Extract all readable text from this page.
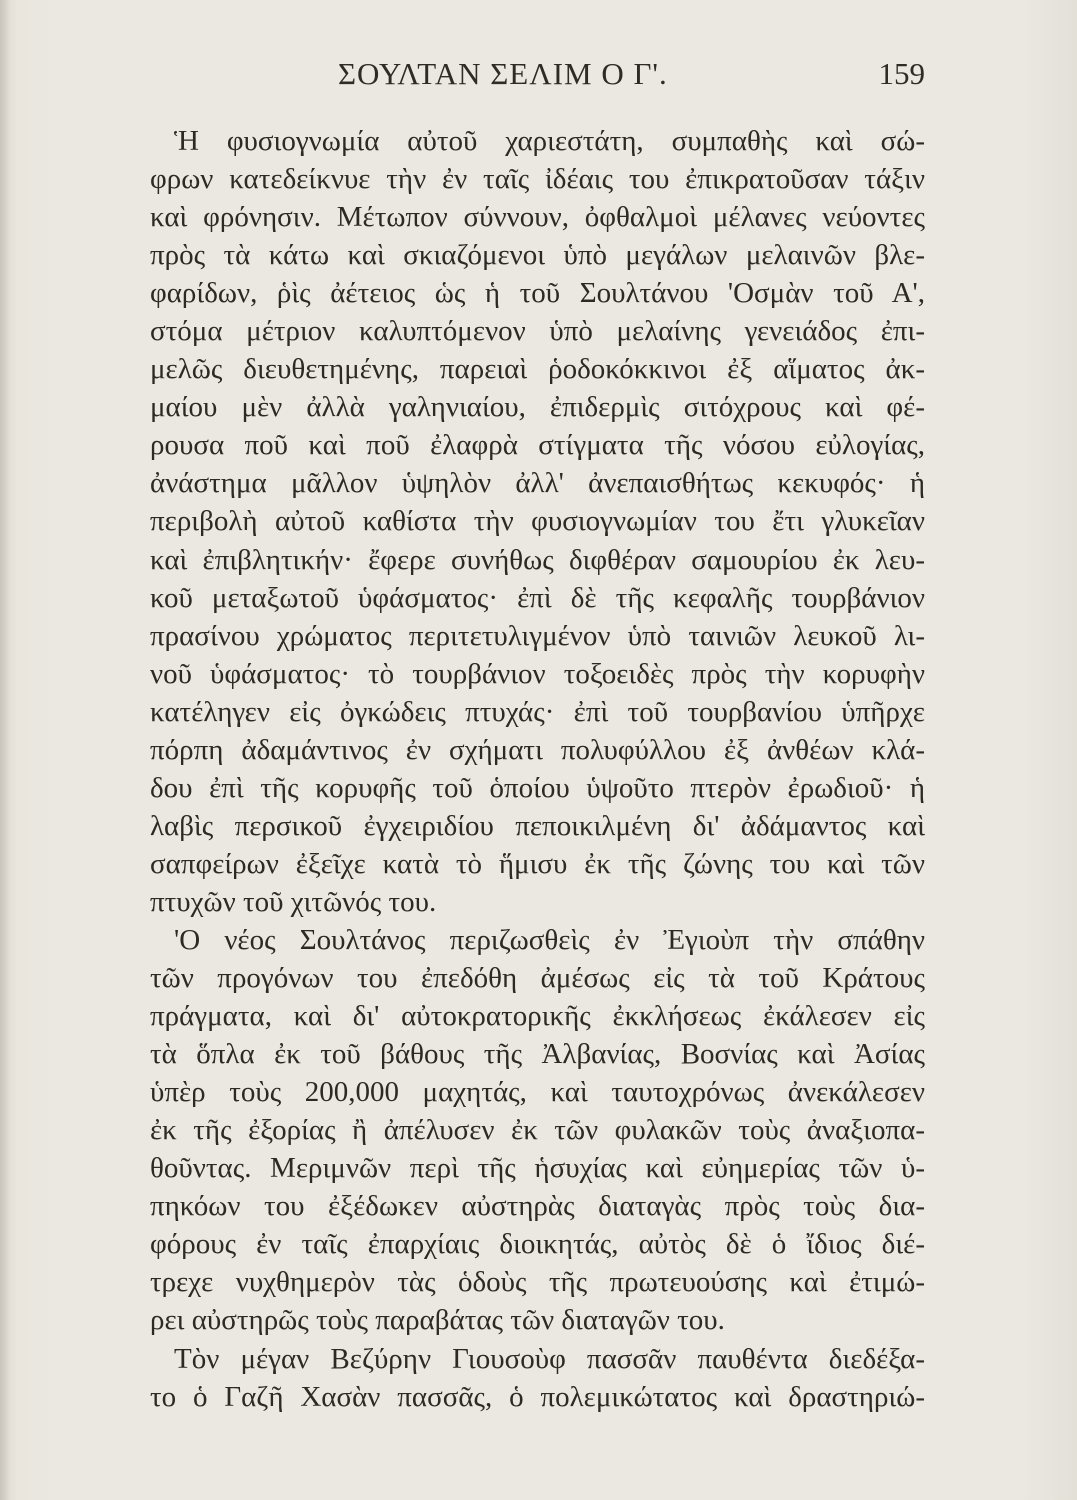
ΣΟΥΛΤΑΝ ΣΕΛΙΜ Ο Γ'.	159
Ἡ φυσιογνωμία αὐτοῦ χαριεστάτη, συμπαθὴς καὶ σώ-
φρων κατεδείκνυε τὴν ἐν ταῖς ἰδέαις του ἐπικρατοῦσαν τάξιν
καὶ φρόνησιν. Μέτωπον σύννουν, ὀφθαλμοὶ μέλανες νεύοντες
πρὸς τὰ κάτω καὶ σκιαζόμενοι ὑπὸ μεγάλων μελαινῶν βλε-
φαρίδων, ῥὶς ἀέτειος ὡς ἡ τοῦ Σουλτάνου 'Οσμὰν τοῦ Α',
στόμα μέτριον καλυπτόμενον ὑπὸ μελαίνης γενειάδος ἐπι-
μελῶς διευθετημένης, παρειαὶ ῥοδοκόκκινοι ἐξ αἵματος ἀκ-
μαίου μὲν ἀλλὰ γαληνιαίου, ἐπιδερμὶς σιτόχρους καὶ φέ-
ρουσα ποῦ καὶ ποῦ ἐλαφρὰ στίγματα τῆς νόσου εὐλογίας,
ἀνάστημα μᾶλλον ὑψηλὸν ἀλλ' ἀνεπαισθήτως κεκυφός· ἡ
περιβολὴ αὐτοῦ καθίστα τὴν φυσιογνωμίαν του ἔτι γλυκεῖαν
καὶ ἐπιβλητικήν· ἔφερε συνήθως διφθέραν σαμουρίου ἐκ λευ-
κοῦ μεταξωτοῦ ὑφάσματος· ἐπὶ δὲ τῆς κεφαλῆς τουρβάνιον
πρασίνου χρώματος περιτετυλιγμένον ὑπὸ ταινιῶν λευκοῦ λι-
νοῦ ὑφάσματος· τὸ τουρβάνιον τοξοειδὲς πρὸς τὴν κορυφὴν
κατέληγεν εἰς ὀγκώδεις πτυχάς· ἐπὶ τοῦ τουρβανίου ὑπῆρχε
πόρπη ἀδαμάντινος ἐν σχήματι πολυφύλλου ἐξ ἀνθέων κλά-
δου ἐπὶ τῆς κορυφῆς τοῦ ὁποίου ὑψοῦτο πτερὸν ἐρωδιοῦ· ἡ
λαβὶς περσικοῦ ἐγχειριδίου πεποικιλμένη δι' ἀδάμαντος καὶ
σαπφείρων ἐξεῖχε κατὰ τὸ ἥμισυ ἐκ τῆς ζώνης του καὶ τῶν
πτυχῶν τοῦ χιτῶνός του.
'Ο νέος Σουλτάνος περιζωσθεὶς ἐν Ἐγιοὺπ τὴν σπάθην
τῶν προγόνων του ἐπεδόθη ἀμέσως εἰς τὰ τοῦ Κράτους
πράγματα, καὶ δι' αὐτοκρατορικῆς ἐκκλήσεως ἐκάλεσεν εἰς
τὰ ὅπλα ἐκ τοῦ βάθους τῆς Ἀλβανίας, Βοσνίας καὶ Ἀσίας
ὑπὲρ τοὺς 200,000 μαχητάς, καὶ ταυτοχρόνως ἀνεκάλεσεν
ἐκ τῆς ἐξορίας ἢ ἀπέλυσεν ἐκ τῶν φυλακῶν τοὺς ἀναξιοπα-
θοῦντας. Μεριμνῶν περὶ τῆς ἡσυχίας καὶ εὐημερίας τῶν ὑ-
πηκόων του ἐξέδωκεν αὐστηρὰς διαταγὰς πρὸς τοὺς δια-
φόρους ἐν ταῖς ἐπαρχίαις διοικητάς, αὐτὸς δὲ ὁ ἴδιος διέ-
τρεχε νυχθημερὸν τὰς ὁδοὺς τῆς πρωτευούσης καὶ ἐτιμώ-
ρει αὐστηρῶς τοὺς παραβάτας τῶν διαταγῶν του.
Τὸν μέγαν Βεζύρην Γιουσοὺφ πασσᾶν παυθέντα διεδέξα-
το ὁ Γαζῆ Χασὰν πασσᾶς, ὁ πολεμικώτατος καὶ δραστηριώ-
